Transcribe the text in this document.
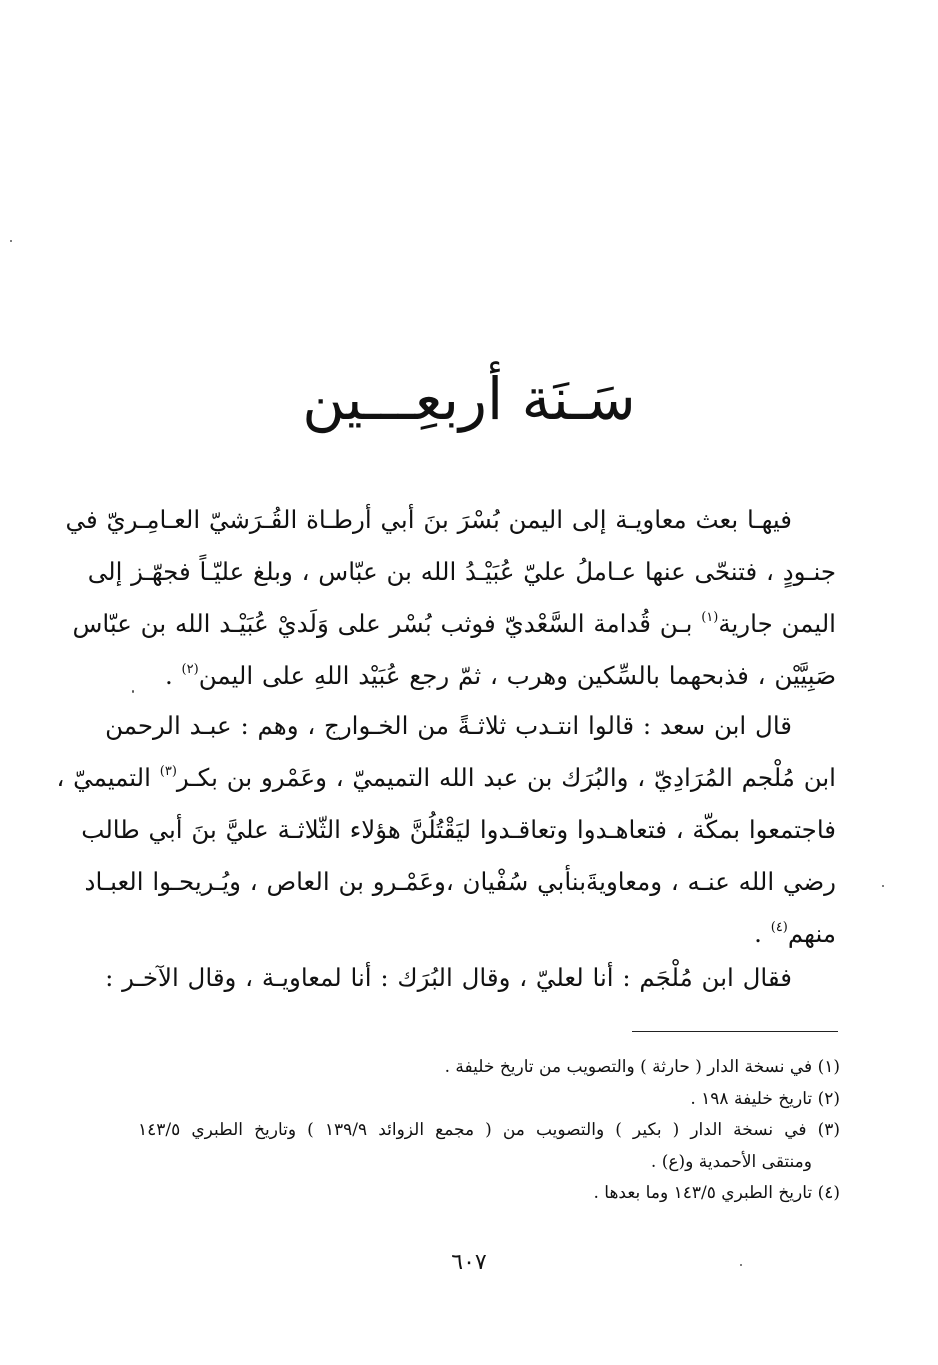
سَـنَة أربعِـــين
فيهـا بعث معاويـة إلى اليمن بُسْرَ بنَ أبي أرطـاة القُـرَشيّ العـامِـريّ في
جنـودٍ ، فتنحّى عنها عـاملُ عليّ عُبَيْـدُ الله بن عبّاس ، وبلغ عليّـاً فجهّـز إلى
اليمن جارية$^{(١)}$ بـن قُدامة السَّعْديّ فوثب بُسْر على وَلَديْ عُبَيْـد الله بن عبّاس
صَبِيَّيْن ، فذبحهما بالسِّكين وهرب ، ثمّ رجع عُبَيْد اللهِ على اليمن$^{(٢)}$ .
قال ابن سعد : قالوا انتـدب ثلاثـةً من الخـوارج ، وهم : عبـد الرحمن
ابن مُلْجم المُرَادِيّ ، والبُرَك بن عبد الله التميميّ ، وعَمْرو بن بكـر$^{(٣)}$ التميميّ ،
فاجتمعوا بمكّة ، فتعاهـدوا وتعاقـدوا ليَقْتُلُنَّ هؤلاء الثّلاثـة عليَّ بنَ أبي طالب
رضي الله عنـه ، ومعاويةَبنأبي سُفْيان ،وعَمْـرو بن العاص ، ويُـريحـوا العبـاد
منهم$^{(٤)}$ .
فقال ابن مُلْجَم : أنا لعليّ ، وقال البُرَك : أنا لمعاويـة ، وقال الآخـر :
(١) في نسخة الدار ( حارثة ) والتصويب من تاريخ خليفة .
(٢) تاريخ خليفة ١٩٨ .
(٣) في نسخة الدار ( بكير ) والتصويب من ( مجمع الزوائد ١٣٩/٩ ) وتاريخ الطبري ١٤٣/٥
ومنتقى الأحمدية و(ع) .
(٤) تاريخ الطبري ١٤٣/٥ وما بعدها .
٦٠٧
